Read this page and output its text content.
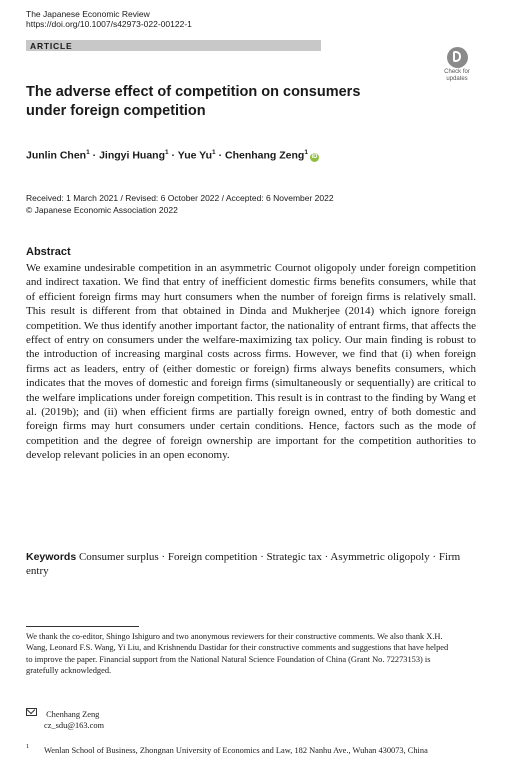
The Japanese Economic Review
https://doi.org/10.1007/s42973-022-00122-1
ARTICLE
Check for updates
The adverse effect of competition on consumers under foreign competition
Junlin Chen$^1$ · Jingyi Huang$^1$ · Yue $Yu^1$ · Chenhang Zeng$^1$iD
Received: 1 March 2021 / Revised: 6 October 2022 / Accepted: 6 November 2022
© Japanese Economic Association 2022
Abstract
We examine undesirable competition in an asymmetric Cournot oligopoly under foreign competition and indirect taxation. We find that entry of inefficient domestic firms benefits consumers, while that of efficient foreign firms may hurt consumers when the number of foreign firms is relatively small. This result is different from that obtained in Dinda and Mukherjee (2014) which ignore foreign competition. We thus identify another important factor, the nationality of entrant firms, that affects the effect of entry on consumers under the welfare-maximizing tax policy. Our main finding is robust to the introduction of increasing marginal costs across firms. However, we find that (i) when foreign firms act as leaders, entry of (either domestic or foreign) firms always benefits consumers, which indicates that the moves of domestic and foreign firms (simultaneously or sequentially) are critical to the welfare implications under foreign competition. This result is in contrast to the finding by Wang et al. (2019b); and (ii) when efficient firms are partially foreign owned, entry of both domestic and foreign firms may hurt consumers under certain conditions. Hence, factors such as the mode of competition and the degree of foreign ownership are important for the competition authorities to develop relevant policies in an open economy.
Keywords Consumer surplus · Foreign competition · Strategic tax · Asymmetric oligopoly · Firm entry
We thank the co-editor, Shingo Ishiguro and two anonymous reviewers for their constructive comments. We also thank X.H. Wang, Leonard F.S. Wang, Yi Liu, and Krishnendu Dastidar for their constructive comments and suggestions that have helped to improve the paper. Financial support from the National Natural Science Foundation of China (Grant No. 72273153) is gratefully acknowledged.
Chenhang Zeng
cz_sdu@163.com
1 Wenlan School of Business, Zhongnan University of Economics and Law, 182 Nanhu Ave., Wuhan 430073, China
